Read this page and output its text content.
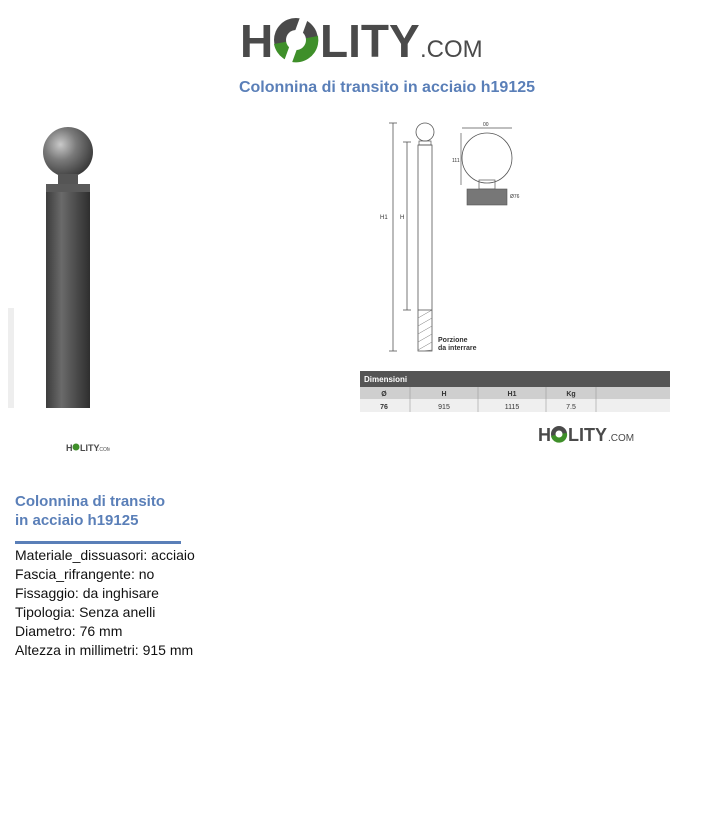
H LITY .COM
Colonnina di transito in acciaio h19125
H LITY
.COM
H1 H
Porzione
da interrare
00
111
Ø76
Dimensioni
Ø	H	H1	Kg
76	915	1115	7.5
H LITY .COM
Colonnina di transito
in acciaio h19125
Materiale_dissuasori: acciaio
Fascia_rifrangente: no
Fissaggio: da inghisare
Tipologia: Senza anelli
Diametro: 76 mm
Altezza in millimetri: 915 mm
